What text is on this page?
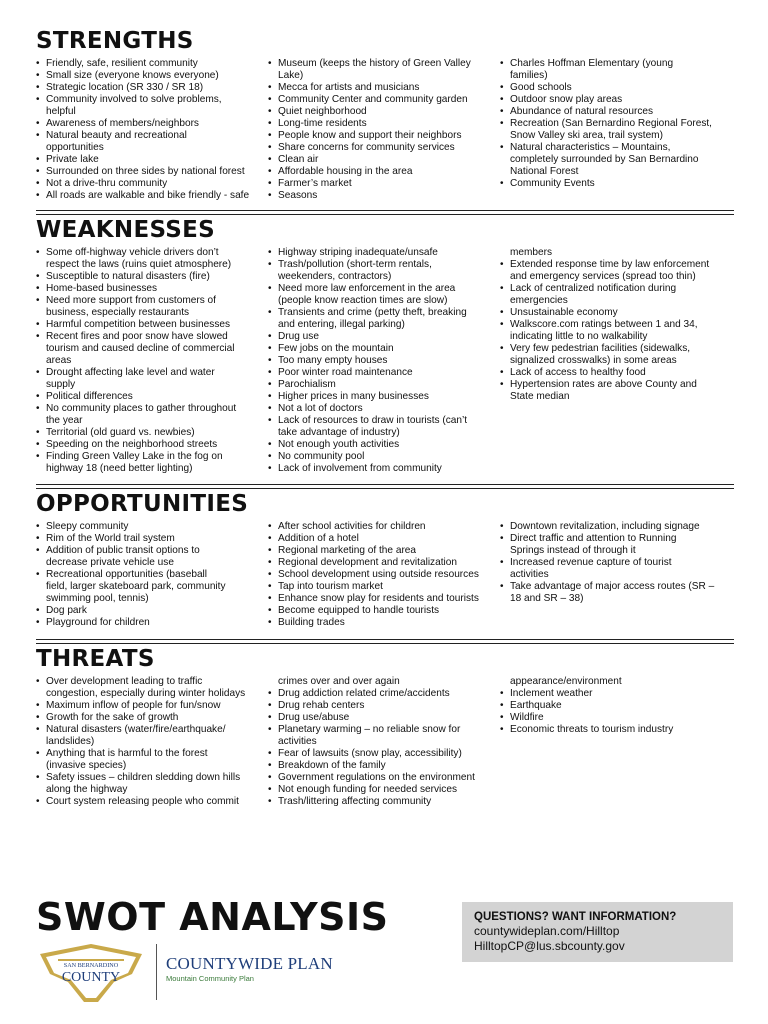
STRENGTHS
• Friendly, safe, resilient community
• Small size (everyone knows everyone)
• Strategic location (SR 330 / SR 18)
• Community involved to solve problems,
helpful
• Awareness of members/neighbors
• Natural beauty and recreational
opportunities
• Private lake
• Surrounded on three sides by national forest
• Not a drive-thru community
• All roads are walkable and bike friendly - safe
• Museum (keeps the history of Green Valley
Lake)
• Mecca for artists and musicians
• Community Center and community garden
• Quiet neighborhood
• Long-time residents
• People know and support their neighbors
• Share concerns for community services
• Clean air
• Affordable housing in the area
• Farmer’s market
• Seasons
• Charles Hoffman Elementary (young
families)
• Good schools
• Outdoor snow play areas
• Abundance of natural resources
• Recreation (San Bernardino Regional Forest,
Snow Valley ski area, trail system)
• Natural characteristics – Mountains,
completely surrounded by San Bernardino
National Forest
• Community Events
WEAKNESSES
• Some off-highway vehicle drivers don’t
respect the laws (ruins quiet atmosphere)
• Susceptible to natural disasters (fire)
• Home-based businesses
• Need more support from customers of
business, especially restaurants
• Harmful competition between businesses
• Recent fires and poor snow have slowed
tourism and caused decline of commercial
areas
• Drought affecting lake level and water
supply
• Political differences
• No community places to gather throughout
the year
• Territorial (old guard vs. newbies)
• Speeding on the neighborhood streets
• Finding Green Valley Lake in the fog on
highway 18 (need better lighting)
• Highway striping inadequate/unsafe
• Trash/pollution (short-term rentals,
weekenders, contractors)
• Need more law enforcement in the area
(people know reaction times are slow)
• Transients and crime (petty theft, breaking
and entering, illegal parking)
• Drug use
• Few jobs on the mountain
• Too many empty houses
• Poor winter road maintenance
• Parochialism
• Higher prices in many businesses
• Not a lot of doctors
• Lack of resources to draw in tourists (can’t
take advantage of industry)
• Not enough youth activities
• No community pool
• Lack of involvement from community
members
• Extended response time by law enforcement
and emergency services (spread too thin)
• Lack of centralized notification during
emergencies
• Unsustainable economy
• Walkscore.com ratings between 1 and 34,
indicating little to no walkability
• Very few pedestrian facilities (sidewalks,
signalized crosswalks) in some areas
• Lack of access to healthy food
• Hypertension rates are above County and
State median
OPPORTUNITIES
• Sleepy community
• Rim of the World trail system
• Addition of public transit options to
decrease private vehicle use
• Recreational opportunities (baseball
field, larger skateboard park, community
swimming pool, tennis)
• Dog park
• Playground for children
• After school activities for children
• Addition of a hotel
• Regional marketing of the area
• Regional development and revitalization
• School development using outside resources
• Tap into tourism market
• Enhance snow play for residents and tourists
• Become equipped to handle tourists
• Building trades
• Downtown revitalization, including signage
• Direct traffic and attention to Running
Springs instead of through it
• Increased revenue capture of tourist
activities
• Take advantage of major access routes (SR –
18 and SR – 38)
THREATS
• Over development leading to traffic
congestion, especially during winter holidays
• Maximum inflow of people for fun/snow
• Growth for the sake of growth
• Natural disasters (water/fire/earthquake/
landslides)
• Anything that is harmful to the forest
(invasive species)
• Safety issues – children sledding down hills
along the highway
• Court system releasing people who commit
crimes over and over again
• Drug addiction related crime/accidents
• Drug rehab centers
• Drug use/abuse
• Planetary warming – no reliable snow for
activities
• Fear of lawsuits (snow play, accessibility)
• Breakdown of the family
• Government regulations on the environment
• Not enough funding for needed services
• Trash/littering affecting community
appearance/environment
• Inclement weather
• Earthquake
• Wildfire
• Economic threats to tourism industry
SWOT ANALYSIS
SAN BERNARDINO
COUNTY
COUNTYWIDE PLAN
Mountain Community Plan
QUESTIONS? WANT INFORMATION?
countywideplan.com/Hilltop
HilltopCP@lus.sbcounty.gov
